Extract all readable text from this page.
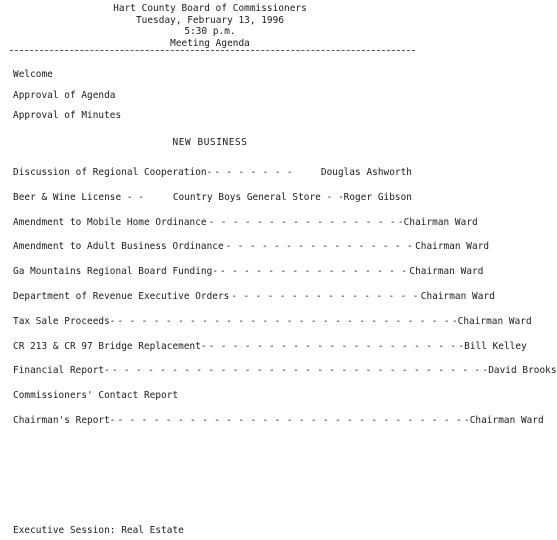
Hart County Board of Commissioners
Tuesday, February 13, 1996
5:30 p.m.
Meeting Agenda
Welcome
Approval of Agenda
Approval of Minutes
NEW BUSINESS
Discussion of Regional Cooperation- - - - - - - -	Douglas Ashworth
Beer & Wine License - -	Country Boys General Store - -Roger Gibson
Amendment to Mobile Home Ordinance - - - - - - - - - - - - - - - - -Chairman Ward
Amendment to Adult Business Ordinance - - - - - - - - - - - - - - - - Chairman Ward
Ga Mountains Regional Board Funding- - - - - - - - - - - - - - - - - Chairman Ward
Department of Revenue Executive Orders - - - - - - - - - - - - - - - - Chairman Ward
Tax Sale Proceeds- - - - - - - - - - - - - - - - - - - - - - - - - - - - - -Chairman Ward
CR 213 & CR 97 Bridge Replacement- - - - - - - - - - - - - - - - - - - - - - -Bill Kelley
Financial Report- - - - - - - - - - - - - - - - - - - - - - - - - - - - - - - - -David Brooks
Commissioners' Contact Report
Chairman's Report- - - - - - - - - - - - - - - - - - - - - - - - - - - - - - -Chairman Ward
Executive Session: Real Estate
